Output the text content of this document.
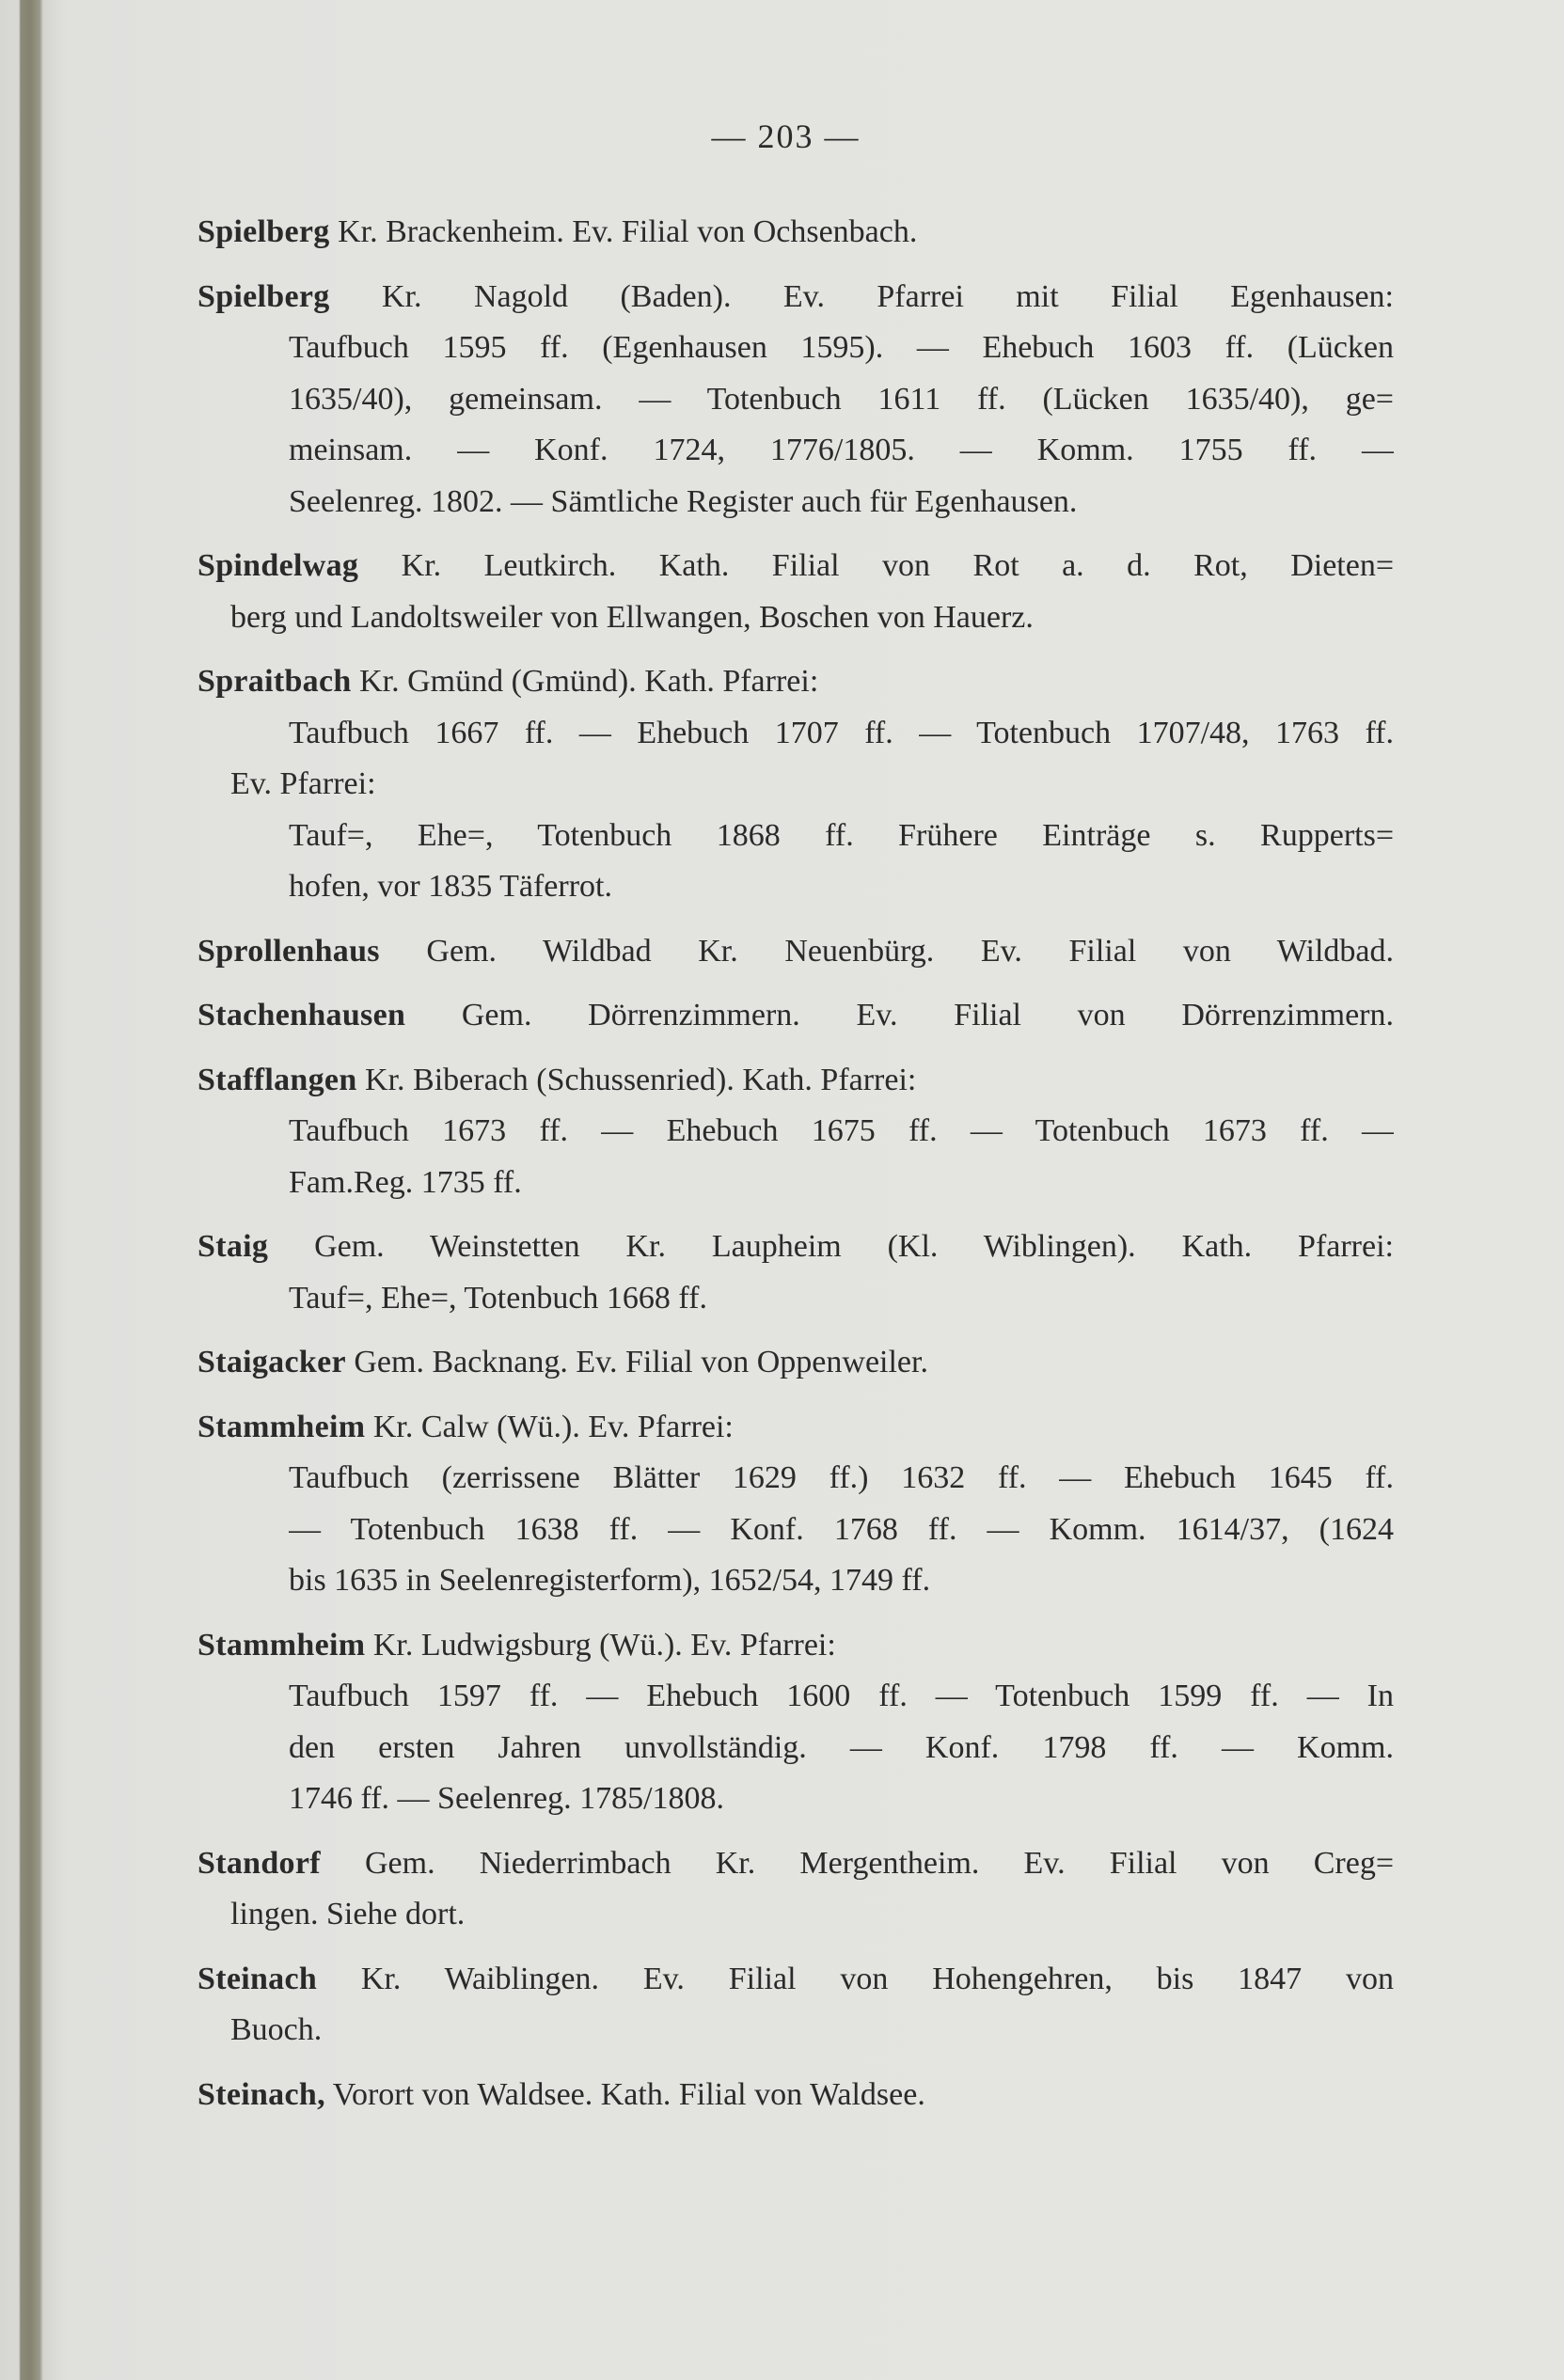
— 203 —
Spielberg Kr. Brackenheim. Ev. Filial von Ochsenbach.
Spielberg Kr. Nagold (Baden). Ev. Pfarrei mit Filial Egenhausen:
Taufbuch 1595 ff. (Egenhausen 1595). — Ehebuch 1603 ff. (Lücken
1635/40), gemeinsam. — Totenbuch 1611 ff. (Lücken 1635/40), ge=
meinsam. — Konf. 1724, 1776/1805. — Komm. 1755 ff. —
Seelenreg. 1802. — Sämtliche Register auch für Egenhausen.
Spindelwag Kr. Leutkirch. Kath. Filial von Rot a. d. Rot, Dieten=
berg und Landoltsweiler von Ellwangen, Boschen von Hauerz.
Spraitbach Kr. Gmünd (Gmünd). Kath. Pfarrei:
Taufbuch 1667 ff. — Ehebuch 1707 ff. — Totenbuch 1707/48, 1763 ff.
Ev. Pfarrei:
Tauf=, Ehe=, Totenbuch 1868 ff. Frühere Einträge s. Rupperts=
hofen, vor 1835 Täferrot.
Sprollenhaus Gem. Wildbad Kr. Neuenbürg. Ev. Filial von Wildbad.
Stachenhausen Gem. Dörrenzimmern. Ev. Filial von Dörrenzimmern.
Stafflangen Kr. Biberach (Schussenried). Kath. Pfarrei:
Taufbuch 1673 ff. — Ehebuch 1675 ff. — Totenbuch 1673 ff. —
Fam.Reg. 1735 ff.
Staig Gem. Weinstetten Kr. Laupheim (Kl. Wiblingen). Kath. Pfarrei:
Tauf=, Ehe=, Totenbuch 1668 ff.
Staigacker Gem. Backnang. Ev. Filial von Oppenweiler.
Stammheim Kr. Calw (Wü.). Ev. Pfarrei:
Taufbuch (zerrissene Blätter 1629 ff.) 1632 ff. — Ehebuch 1645 ff.
— Totenbuch 1638 ff. — Konf. 1768 ff. — Komm. 1614/37, (1624
bis 1635 in Seelenregisterform), 1652/54, 1749 ff.
Stammheim Kr. Ludwigsburg (Wü.). Ev. Pfarrei:
Taufbuch 1597 ff. — Ehebuch 1600 ff. — Totenbuch 1599 ff. — In
den ersten Jahren unvollständig. — Konf. 1798 ff. — Komm.
1746 ff. — Seelenreg. 1785/1808.
Standorf Gem. Niederrimbach Kr. Mergentheim. Ev. Filial von Creg=
lingen. Siehe dort.
Steinach Kr. Waiblingen. Ev. Filial von Hohengehren, bis 1847 von
Buoch.
Steinach, Vorort von Waldsee. Kath. Filial von Waldsee.
